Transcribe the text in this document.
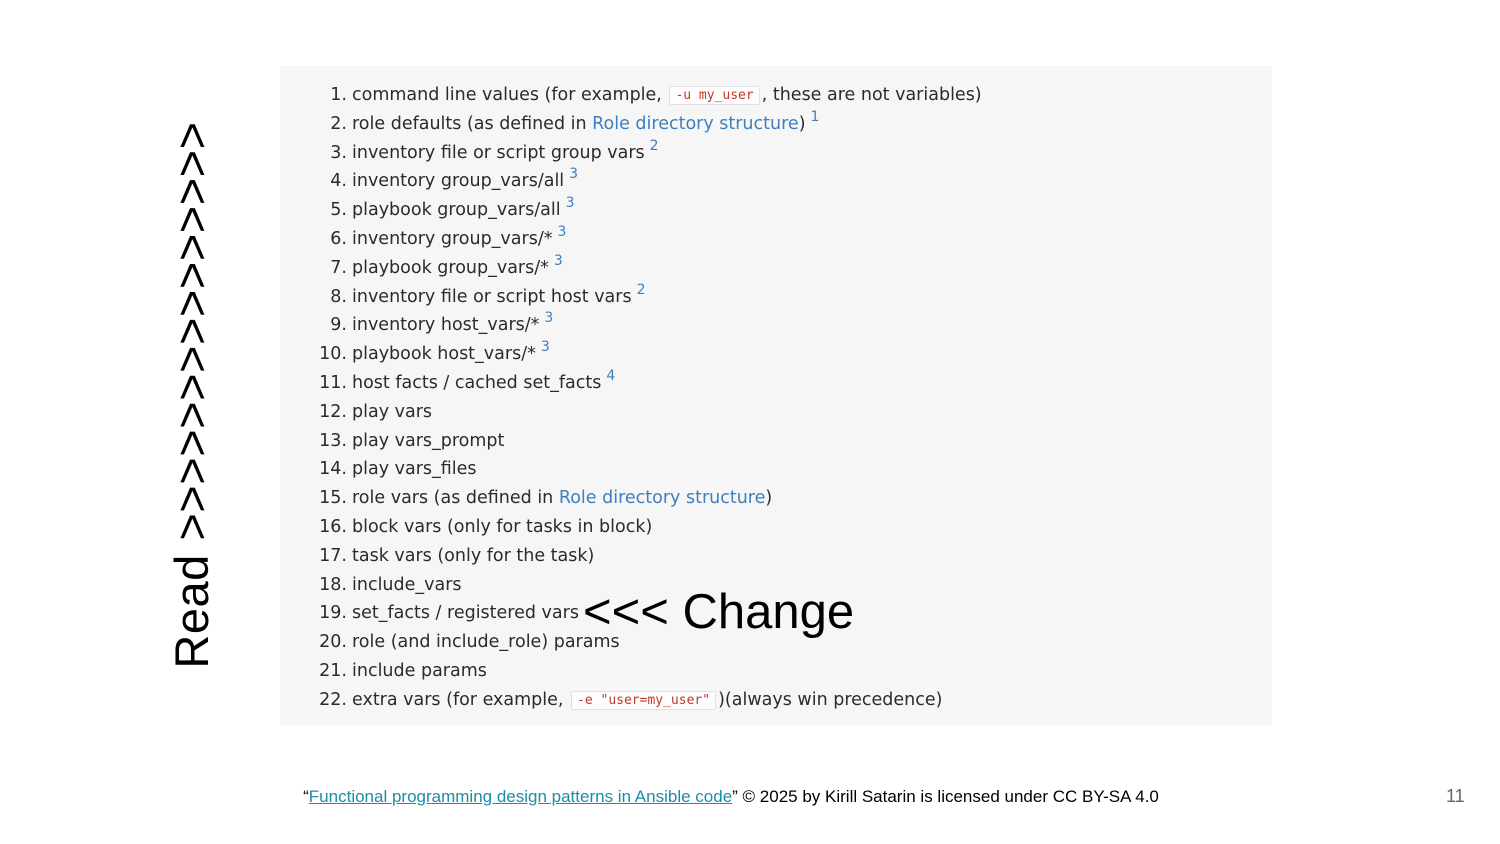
1. command line values (for example, -u my_user , these are not variables)
2. role defaults (as defined in Role directory structure) $^1$
3. inventory file or script group vars $^2$
4. inventory group_vars/all $^3$
5. playbook group_vars/all $^3$
6. inventory group_vars/* $^3$
7. playbook group_vars/* $^3$
8. inventory file or script host vars $^2$
9. inventory host_vars/* $^3$
10. playbook host_vars/* $^3$
11. host facts / cached set_facts $^4$
12. play vars
13. play vars_prompt
14. play vars_files
15. role vars (as defined in Role directory structure)
16. block vars (only for tasks in block)
17. task vars (only for the task)
18. include_vars
19. set_facts / registered vars
20. role (and include_role) params
21. include params
22. extra vars (for example, -e "user=my_user" )(always win precedence)
Read >>>>>>>>>>>>>>>	<<< Change
“Functional programming design patterns in Ansible code” © 2025 by Kirill Satarin is licensed under CC BY-SA 4.0	11
